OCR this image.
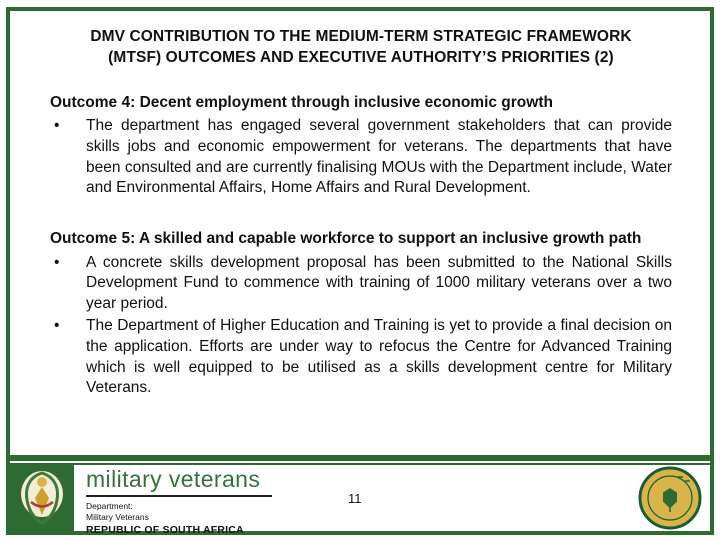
DMV CONTRIBUTION TO THE MEDIUM-TERM STRATEGIC FRAMEWORK (MTSF) OUTCOMES AND EXECUTIVE AUTHORITY’S PRIORITIES (2)
Outcome 4: Decent employment through inclusive economic growth
•	The department has engaged several government stakeholders that can provide skills jobs and economic empowerment for veterans. The departments that have been consulted and are currently finalising MOUs with the Department include, Water and Environmental Affairs, Home Affairs and Rural Development.

Outcome 5: A skilled and capable workforce to support an inclusive growth path
•	A concrete skills development proposal has been submitted to the National Skills Development Fund to commence with training of 1000 military veterans over a two year period.

•	The Department of Higher Education and Training is yet to provide a final decision on the application. Efforts are under way to refocus the Centre for Advanced Training which is well equipped to be utilised as a skills development centre for Military Veterans.

military veterans
Department:
Military Veterans
REPUBLIC OF SOUTH AFRICA
11
